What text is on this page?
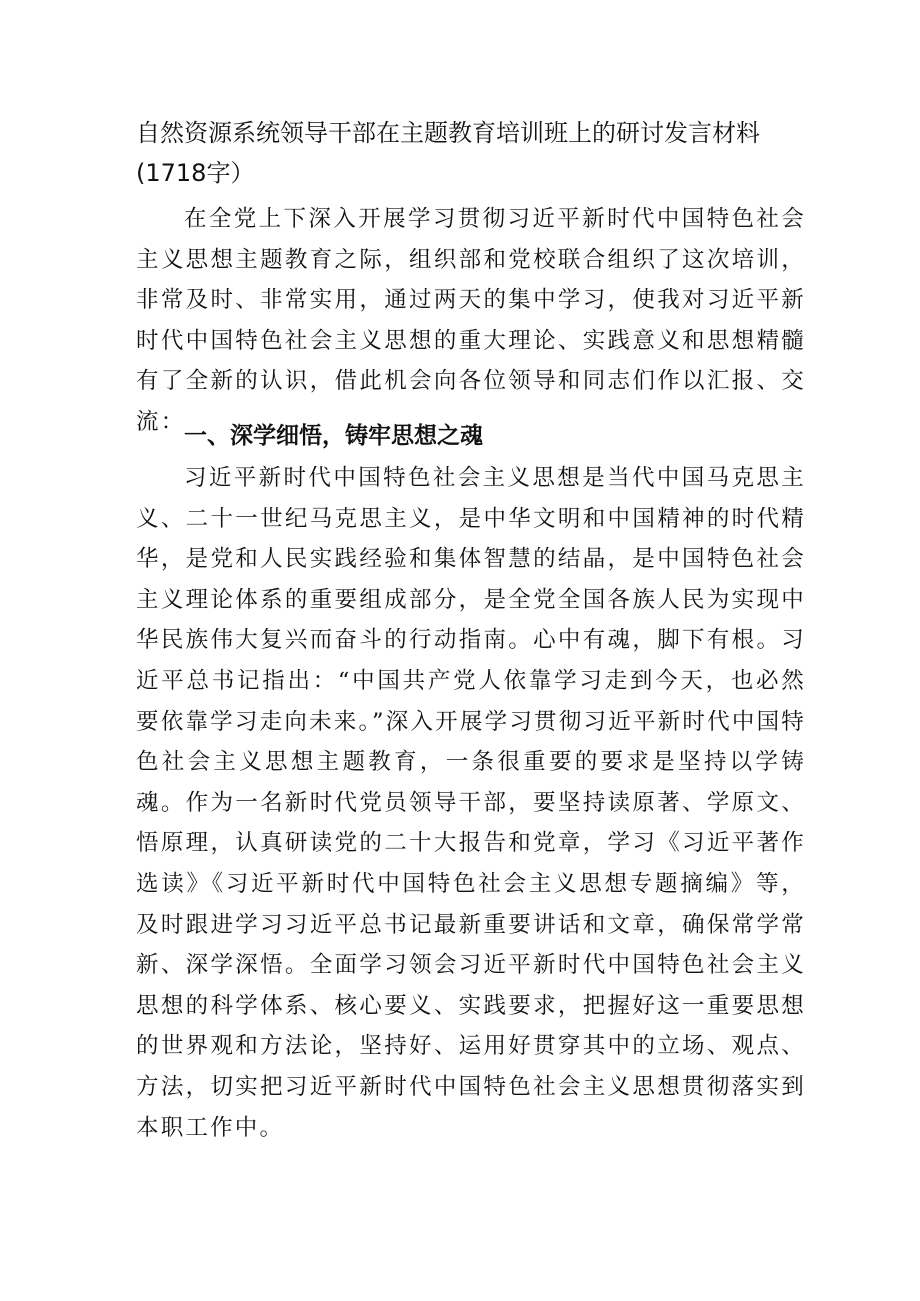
自然资源系统领导干部在主题教育培训班上的研讨发言材料(1718字）

在全党上下深入开展学习贯彻习近平新时代中国特色社会主义思想主题教育之际，组织部和党校联合组织了这次培训，非常及时、非常实用，通过两天的集中学习，使我对习近平新时代中国特色社会主义思想的重大理论、实践意义和思想精髓有了全新的认识，借此机会向各位领导和同志们作以汇报、交流：

一、深学细悟，铸牢思想之魂

习近平新时代中国特色社会主义思想是当代中国马克思主义、二十一世纪马克思主义，是中华文明和中国精神的时代精华，是党和人民实践经验和集体智慧的结晶，是中国特色社会主义理论体系的重要组成部分，是全党全国各族人民为实现中华民族伟大复兴而奋斗的行动指南。心中有魂，脚下有根。习近平总书记指出：“中国共产党人依靠学习走到今天，也必然要依靠学习走向未来。”深入开展学习贯彻习近平新时代中国特色社会主义思想主题教育，一条很重要的要求是坚持以学铸魂。作为一名新时代党员领导干部，要坚持读原著、学原文、悟原理，认真研读党的二十大报告和党章，学习《习近平著作选读》《习近平新时代中国特色社会主义思想专题摘编》等，及时跟进学习习近平总书记最新重要讲话和文章，确保常学常新、深学深悟。全面学习领会习近平新时代中国特色社会主义思想的科学体系、核心要义、实践要求，把握好这一重要思想的世界观和方法论，坚持好、运用好贯穿其中的立场、观点、方法，切实把习近平新时代中国特色社会主义思想贯彻落实到本职工作中。
